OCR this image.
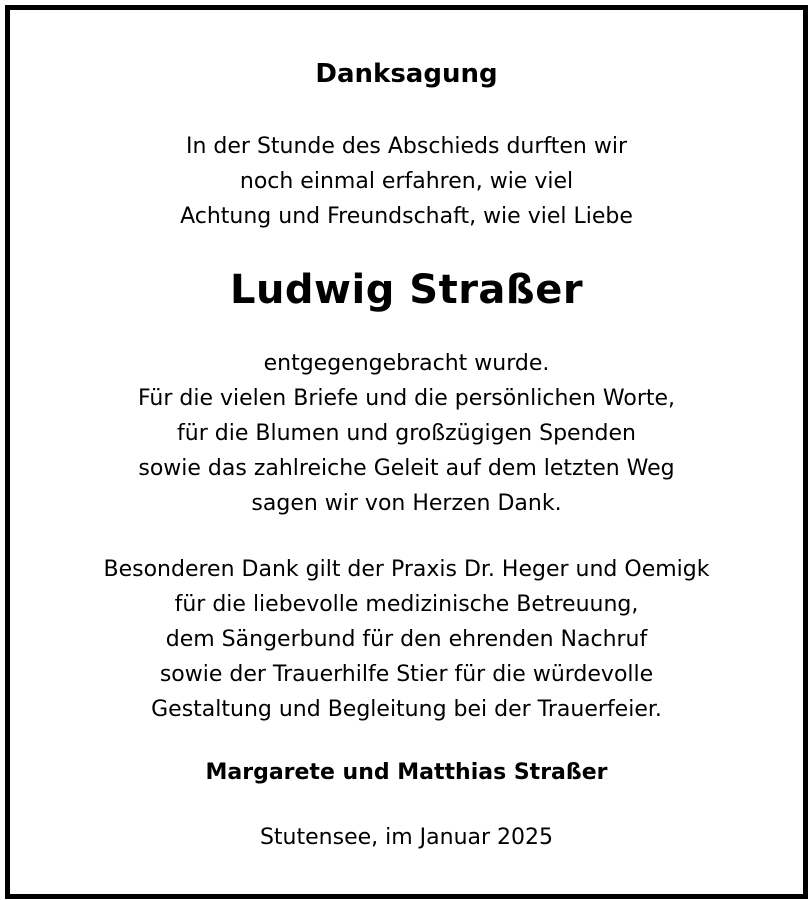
Danksagung
In der Stunde des Abschieds durften wir
noch einmal erfahren, wie viel
Achtung und Freundschaft, wie viel Liebe
Ludwig Straßer
entgegengebracht wurde.
Für die vielen Briefe und die persönlichen Worte,
für die Blumen und großzügigen Spenden
sowie das zahlreiche Geleit auf dem letzten Weg
sagen wir von Herzen Dank.
Besonderen Dank gilt der Praxis Dr. Heger und Oemigk
für die liebevolle medizinische Betreuung,
dem Sängerbund für den ehrenden Nachruf
sowie der Trauerhilfe Stier für die würdevolle
Gestaltung und Begleitung bei der Trauerfeier.
Margarete und Matthias Straßer
Stutensee, im Januar 2025
